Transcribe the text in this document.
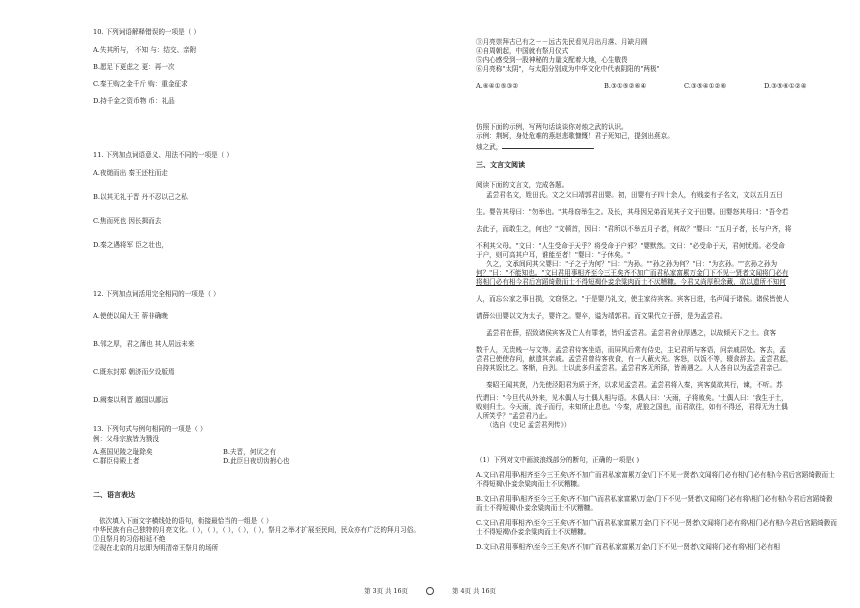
10. 下列词语解释错误的一项是（ ）
A.失其所与， 不知 与：结交、亲附
B.愿足下更虑之 更：再一次
C.秦王购之金千斤 购：重金征求
D.持千金之资币物 币：礼品
11. 下列加点词语意义、用法不同的一项是（ ）
A.夜缒而出 秦王还柱而走
B.以其无礼于晋 丹不忍以己之私
C.焦而死也 因长揖而去
D.秦之遇将军 臣之壮也，
12. 下列加点词活用完全相同的一项是（ ）
A.使使以闻大王 蒂非确晚
B.邻之厚，君之薄也 其人居远未来
C.既东封郑 朝济而夕设版焉
D.阙秦以利晋 越国以鄙远
13. 下列句式与例句相同的一项是（ ）
例：父母宗族皆为戮没
A.燕国见陵之耻除矣	B.夫晋，何厌之有
C.群臣侍殿上者	D.此臣日夜切齿拊心也
二、语言表达
依次填入下面文字横线处的语句，衔接最恰当的一组是（ ）
中华民族有自己独特的月亮文化。（ ），（ ），（ ），（ ），（ ），祭月之举才扩展至民间，民众亦有广泛的拜月习俗。
①且祭月的习俗相延不绝
②现在北京的月坛即为明清帝王祭月的场所
③月亮崇拜古已有之－－远古先民看见月出月落、月缺月圆
④自周朝起，中国就有祭月仪式
⑤内心感受到一股神秘的力量支配着大地，心生敬畏
⑥月亮称"太阴"，与太阳分别成为中华文化中代表阴阳的"两极"
A.⑥④①⑤③②	B.③①⑤②⑥④	C.③⑤④①②⑥	D.③⑤⑥①②④
仿照下面的示例，写两句话谈谈你对烛之武的认识。
示例：荆轲，身处危难的燕赵悲歌慷慨！君子死知己，提剑出燕京。
烛之武，
三、文言文阅读
阅读下面的文言文，完成各题。
孟尝君名文，姓田氏。文之父曰靖郭君田婴。初，田婴有子四十余人，有贱妾有子名文，文以五月五日
生。婴告其母曰："勿举也。"其母窃举生之。及长，其母因兄弟而见其子文于田婴。田婴怒其母曰："吾令若
去此子，而敢生之，何也？"文顿首，因曰："君所以不举五月子者，何故？"婴曰："五月子者，长与户齐，将
不利其父母。"文曰："人生受命于天乎？将受命于户邪？"婴默然。文曰："必受命于天，君何忧焉。必受命
于户，则可高其户耳，谁能至者！"婴曰："子休矣。"
久之，文承间问其父婴曰："子之子为何？"曰："为孙。""孙之孙为何？"曰："为玄孙。""玄孙之孙为
何？"曰："不能知也。"文曰君用事相齐至今三王矣齐不加广而君私家富累万金门下不见一贤者文闻将门必有
将相门必有相今君后宫蹈绮縠而士不得短褐仆妾余粱肉而士不厌糟糠。今君又尚厚积余藏，欲以遗所不知何
人，而忘公家之事日损，文窃怪之。"于是婴乃礼文，使主家待宾客。宾客日进，名声闻于诸侯。诸侯皆使人
请薛公田婴以文为太子，婴许之。婴卒，谥为靖郭君。而文果代立于薛，是为孟尝君。
孟尝君在薛，招致诸侯宾客及亡人有罪者，皆归孟尝君。孟尝君舍业厚遇之，以故倾天下之士。食客
数千人，无贵贱一与文等。孟尝君待客坐语，而屏风后常有侍史，主记君所与客语，问亲戚居处。客去，孟
尝君已使使存问，献遗其亲戚。孟尝君曾待客夜食，有一人蔽火光。客怒，以饭不等，辍食辞去。孟尝君起，
自持其饭比之。客惭，自刭。士以此多归孟尝君。孟尝君客无所择，皆善遇之。人人各自以为孟尝君亲己。
秦昭王闻其贤，乃先使泾阳君为质于齐，以求见孟尝君。孟尝君将入秦，宾客莫欲其行，谏，不听。苏
代谓曰："今旦代从外来，见木偶人与土偶人相与语。木偶人曰：'天雨，子将败矣。'土偶人曰：'我生于土，
败则归土。今天雨，流子而行，未知所止息也。'今秦，虎狼之国也，而君欲往，如有不得还，君得无为土偶
人所笑乎？"孟尝君乃止。
（选自《史记 孟尝君列传》）
（1）下列对文中画波浪线部分的断句，正确的一项是( )
A.文曰\君用事\相齐至今三王矣\齐不加广而君私家富累万金\门下不见一贤者\文闻将门必有相\门必有相\今君后宫蹈绮縠而士不得短褐\仆妾余粱肉而士不厌糟糠。
B.文曰\君用事\相齐至今三王矣\齐不加广\而君私家富累\万金\门下不见一贤者\文闻将门必有将\相门必有相\今君后宫蹈绮縠而士不得短褐\仆妾余粱肉而士不厌糟糠。
C.文曰\君用事相齐\至今三王矣\齐不加广\而君私家富累万金\门下不见一贤者\文闻将门必有将\相门必有相\今君后宫蹈绮縠而士不得短褐\仆妾余粱肉而士不厌糟糠。
D.文曰\君用事相齐\至今三王矣\齐不加广而君私家富累万金\门下不见一贤者\文闻将门必有将\相门必有相
第 3页 共 16页	第 4页 共 16页
